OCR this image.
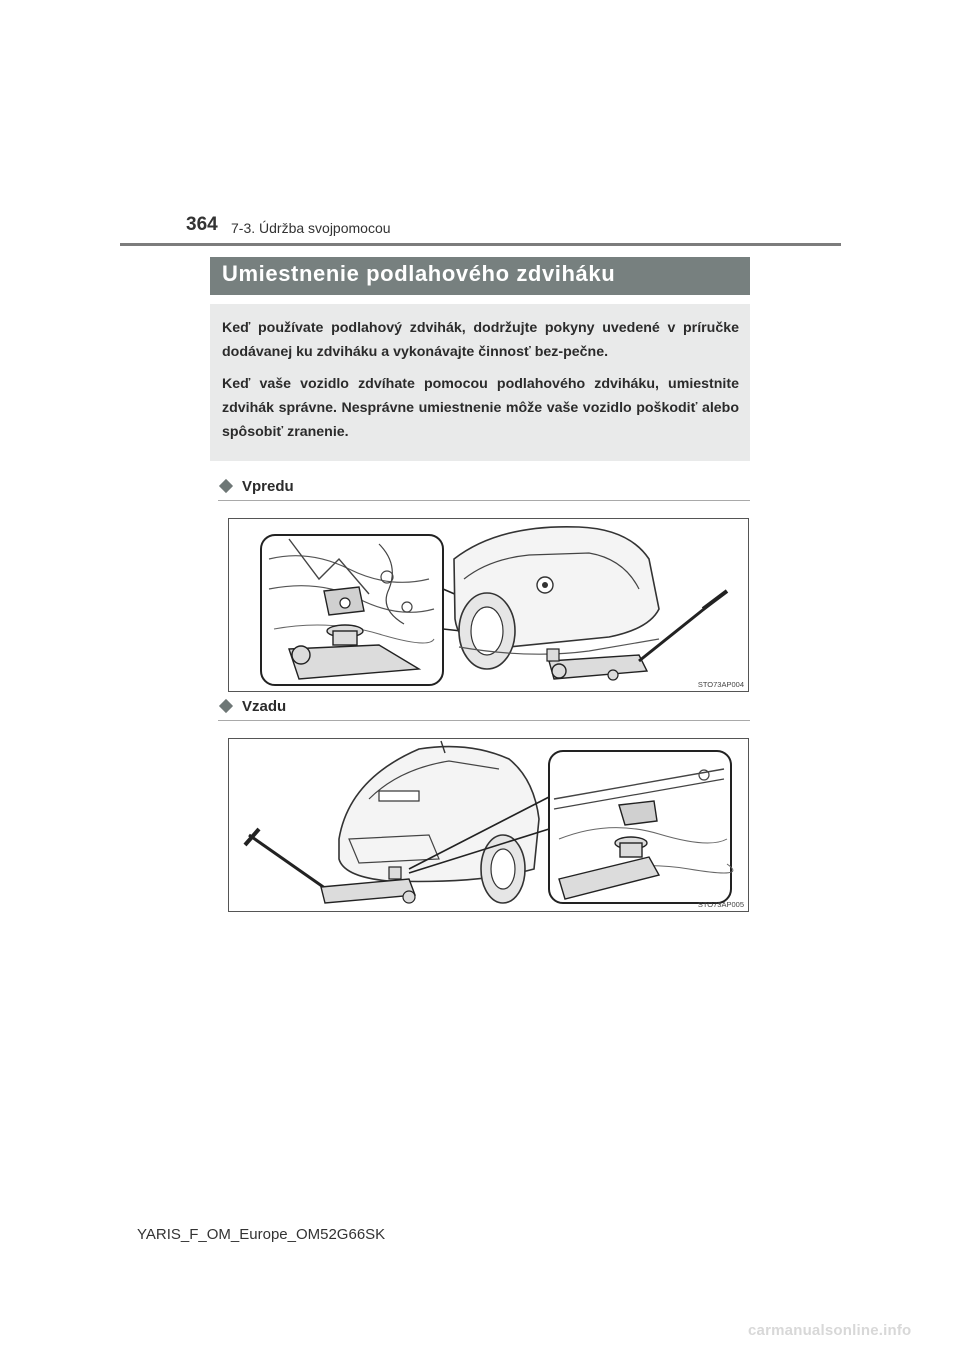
364 7-3. Údržba svojpomocou
Umiestnenie podlahového zdviháku

Keď používate podlahový zdvihák, dodržujte pokyny uvedené v príručke dodávanej ku zdviháku a vykonávajte činnosť bez-pečne.

Keď vaše vozidlo zdvíhate pomocou podlahového zdviháku, umiestnite zdvihák správne. Nesprávne umiestnenie môže vaše vozidlo poškodiť alebo spôsobiť zranenie.

Vpredu
STO73AP004
Vzadu
STO73AP005
YARIS_F_OM_Europe_OM52G66SK
carmanualsonline.info
